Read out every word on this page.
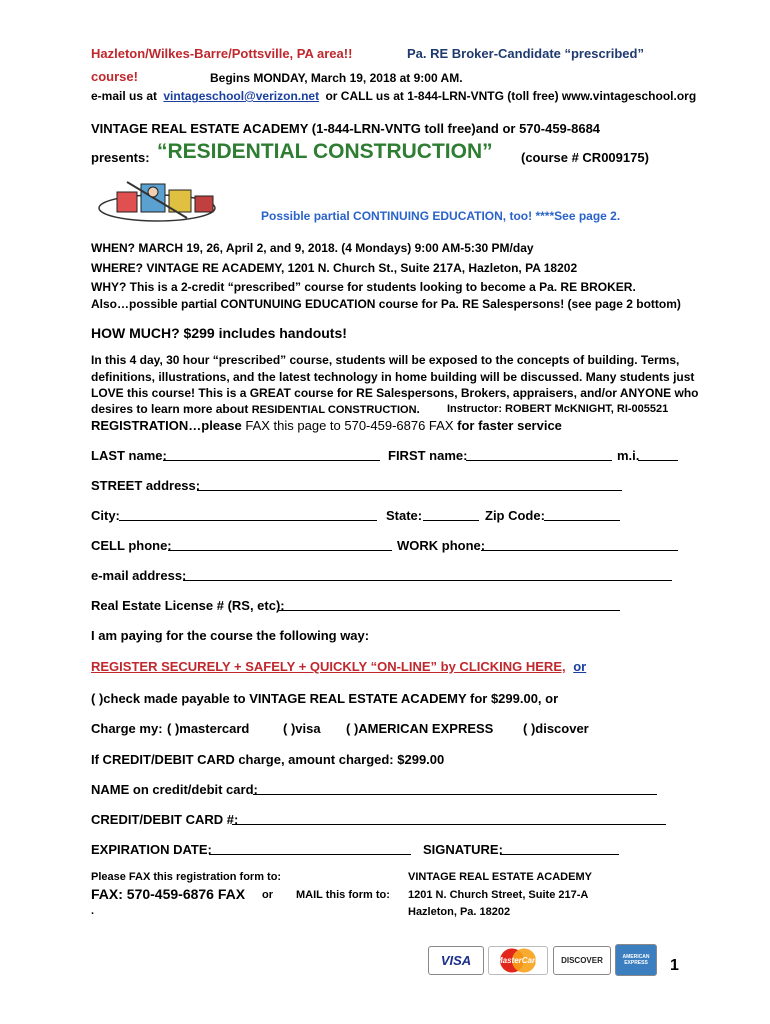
Hazleton/Wilkes-Barre/Pottsville, PA area!!	Pa. RE Broker-Candidate “prescribed”
course!	Begins MONDAY, March 19, 2018 at 9:00 AM.
e-mail us at vintageschool@verizon.net or CALL us at 1-844-LRN-VNTG (toll free) www.vintageschool.org
VINTAGE REAL ESTATE ACADEMY (1-844-LRN-VNTG toll free)and or 570-459-8684
presents: “RESIDENTIAL CONSTRUCTION” (course # CR009175)
Possible partial CONTINUING EDUCATION, too! ****See page 2.
WHEN? MARCH 19, 26, April 2, and 9, 2018. (4 Mondays) 9:00 AM-5:30 PM/day
WHERE? VINTAGE RE ACADEMY, 1201 N. Church St., Suite 217A, Hazleton, PA 18202
WHY? This is a 2-credit “prescribed” course for students looking to become a Pa. RE BROKER.
Also…possible partial CONTUNUING EDUCATION course for Pa. RE Salespersons! (see page 2 bottom)
HOW MUCH? $299 includes handouts!
In this 4 day, 30 hour “prescribed” course, students will be exposed to the concepts of building. Terms,
definitions, illustrations, and the latest technology in home building will be discussed. Many students just
LOVE this course! This is a GREAT course for RE Salespersons, Brokers, appraisers, and/or ANYONE who
desires to learn more about RESIDENTIAL CONSTRUCTION. Instructor: ROBERT McKNIGHT, RI-005521
REGISTRATION…please FAX this page to 570-459-6876 FAX for faster service
LAST name:	FIRST name:	m.i.
STREET address:
City:	State:	Zip Code:
CELL phone:	WORK phone:
e-mail address:
Real Estate License # (RS, etc):
I am paying for the course the following way:
REGISTER SECURELY + SAFELY + QUICKLY “ON-LINE” by CLICKING HERE, or
( )check made payable to VINTAGE REAL ESTATE ACADEMY for $299.00, or
Charge my: ( )mastercard	( )visa ( )AMERICAN EXPRESS ( )discover
If CREDIT/DEBIT CARD charge, amount charged: $299.00
NAME on credit/debit card:
CREDIT/DEBIT CARD #:
EXPIRATION DATE:	SIGNATURE:
Please FAX this registration form to:	VINTAGE REAL ESTATE ACADEMY
FAX: 570-459-6876 FAX or MAIL this form to: 1201 N. Church Street, Suite 217-A
.	Hazleton, Pa. 18202
VISA	MasterCard	DISCOVER	AMERICAN EXPRESS	1
